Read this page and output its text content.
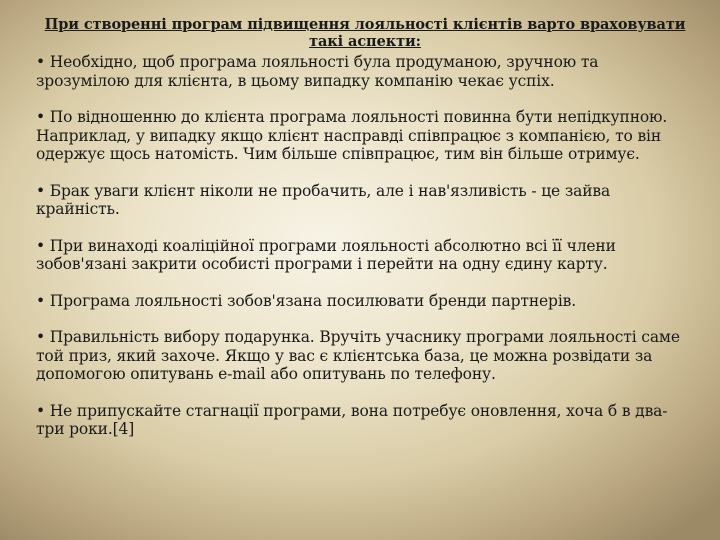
При створенні програм підвищення лояльності клієнтів варто враховувати такі аспекти:

• Необхідно, щоб програма лояльності була продуманою, зручною та зрозумілою для клієнта, в цьому випадку компанію чекає успіх.

• По відношенню до клієнта програма лояльності повинна бути непідкупною. Наприклад, у випадку якщо клієнт насправді співпрацює з компанією, то він одержує щось натомість. Чим більше співпрацює, тим він більше отримує.

• Брак уваги клієнт ніколи не пробачить, але і нав'язливість - це зайва крайність.

• При винаході коаліційної програми лояльності абсолютно всі її члени зобов'язані закрити особисті програми і перейти на одну єдину карту.

• Програма лояльності зобов'язана посилювати бренди партнерів.

• Правильність вибору подарунка. Вручіть учаснику програми лояльності саме той приз, який захоче. Якщо у вас є клієнтська база, це можна розвідати за допомогою опитувань e-mail або опитувань по телефону.

• Не припускайте стагнації програми, вона потребує оновлення, хоча б в два-три роки.[4]
